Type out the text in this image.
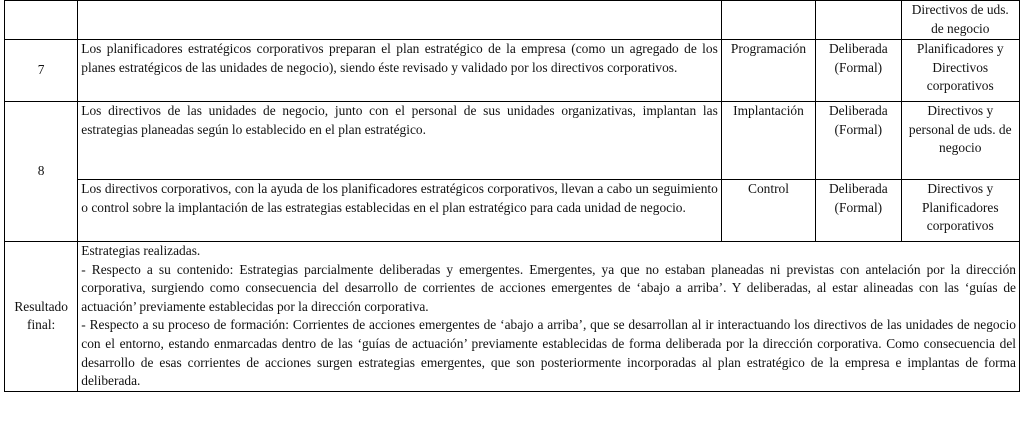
				Directivos de uds. de negocio
7	Los planificadores estratégicos corporativos preparan el plan estratégico de la empresa (como un agregado de los planes estratégicos de las unidades de negocio), siendo éste revisado y validado por los directivos corporativos.	Programación	Deliberada (Formal)	Planificadores y Directivos corporativos
8	Los directivos de las unidades de negocio, junto con el personal de sus unidades organizativas, implantan las estrategias planeadas según lo establecido en el plan estratégico.	Implantación	Deliberada (Formal)	Directivos y personal de uds. de negocio
	Los directivos corporativos, con la ayuda de los planificadores estratégicos corporativos, llevan a cabo un seguimiento o control sobre la implantación de las estrategias establecidas en el plan estratégico para cada unidad de negocio.	Control	Deliberada (Formal)	Directivos y Planificadores corporativos
Resultado final:	Estrategias realizadas.
- Respecto a su contenido: Estrategias parcialmente deliberadas y emergentes. Emergentes, ya que no estaban planeadas ni previstas con antelación por la dirección corporativa, surgiendo como consecuencia del desarrollo de corrientes de acciones emergentes de ‘abajo a arriba’. Y deliberadas, al estar alineadas con las ‘guías de actuación’ previamente establecidas por la dirección corporativa.
- Respecto a su proceso de formación: Corrientes de acciones emergentes de ‘abajo a arriba’, que se desarrollan al ir interactuando los directivos de las unidades de negocio con el entorno, estando enmarcadas dentro de las ‘guías de actuación’ previamente establecidas de forma deliberada por la dirección corporativa. Como consecuencia del desarrollo de esas corrientes de acciones surgen estrategias emergentes, que son posteriormente incorporadas al plan estratégico de la empresa e implantas de forma deliberada.			
